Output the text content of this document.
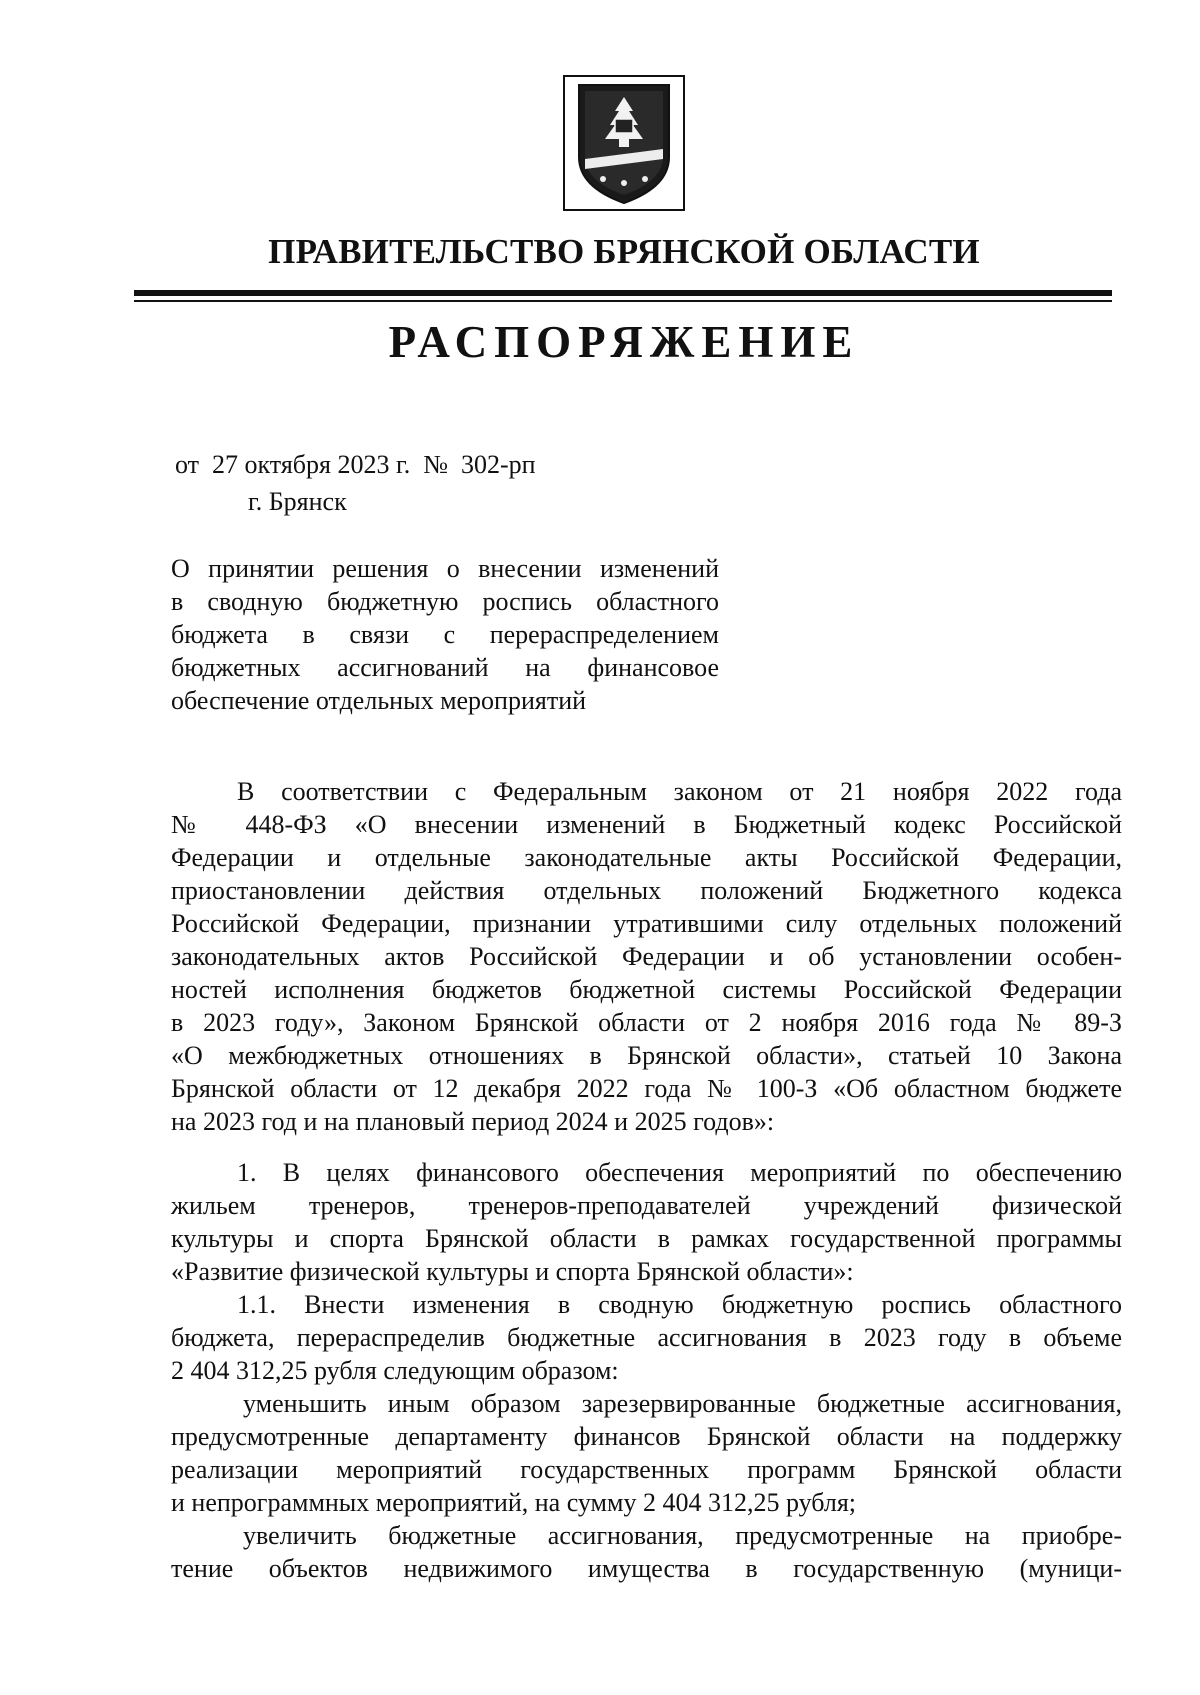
ПРАВИТЕЛЬСТВО БРЯНСКОЙ ОБЛАСТИ
РАСПОРЯЖЕНИЕ
от  27 октября 2023 г.  №  302-рп
г. Брянск
О принятии решения о внесении изменений
в сводную бюджетную роспись областного
бюджета в связи с перераспределением
бюджетных ассигнований на финансовое
обеспечение отдельных мероприятий
В соответствии с Федеральным законом от 21 ноября 2022 года
№ 448-ФЗ «О внесении изменений в Бюджетный кодекс Российской
Федерации и отдельные законодательные акты Российской Федерации,
приостановлении действия отдельных положений Бюджетного кодекса
Российской Федерации, признании утратившими силу отдельных положений
законодательных актов Российской Федерации и об установлении особен-
ностей исполнения бюджетов бюджетной системы Российской Федерации
в 2023 году», Законом Брянской области от 2 ноября 2016 года № 89-З
«О межбюджетных отношениях в Брянской области», статьей 10 Закона
Брянской области от 12 декабря 2022 года № 100-З «Об областном бюджете
на 2023 год и на плановый период 2024 и 2025 годов»:
1. В целях финансового обеспечения мероприятий по обеспечению
жильем тренеров, тренеров-преподавателей учреждений физической
культуры и спорта Брянской области в рамках государственной программы
«Развитие физической культуры и спорта Брянской области»:
1.1. Внести изменения в сводную бюджетную роспись областного
бюджета, перераспределив бюджетные ассигнования в 2023 году в объеме
2 404 312,25 рубля следующим образом:
уменьшить иным образом зарезервированные бюджетные ассигнования,
предусмотренные департаменту финансов Брянской области на поддержку
реализации мероприятий государственных программ Брянской области
и непрограммных мероприятий, на сумму 2 404 312,25 рубля;
увеличить бюджетные ассигнования, предусмотренные на приобре-
тение объектов недвижимого имущества в государственную (муници-
